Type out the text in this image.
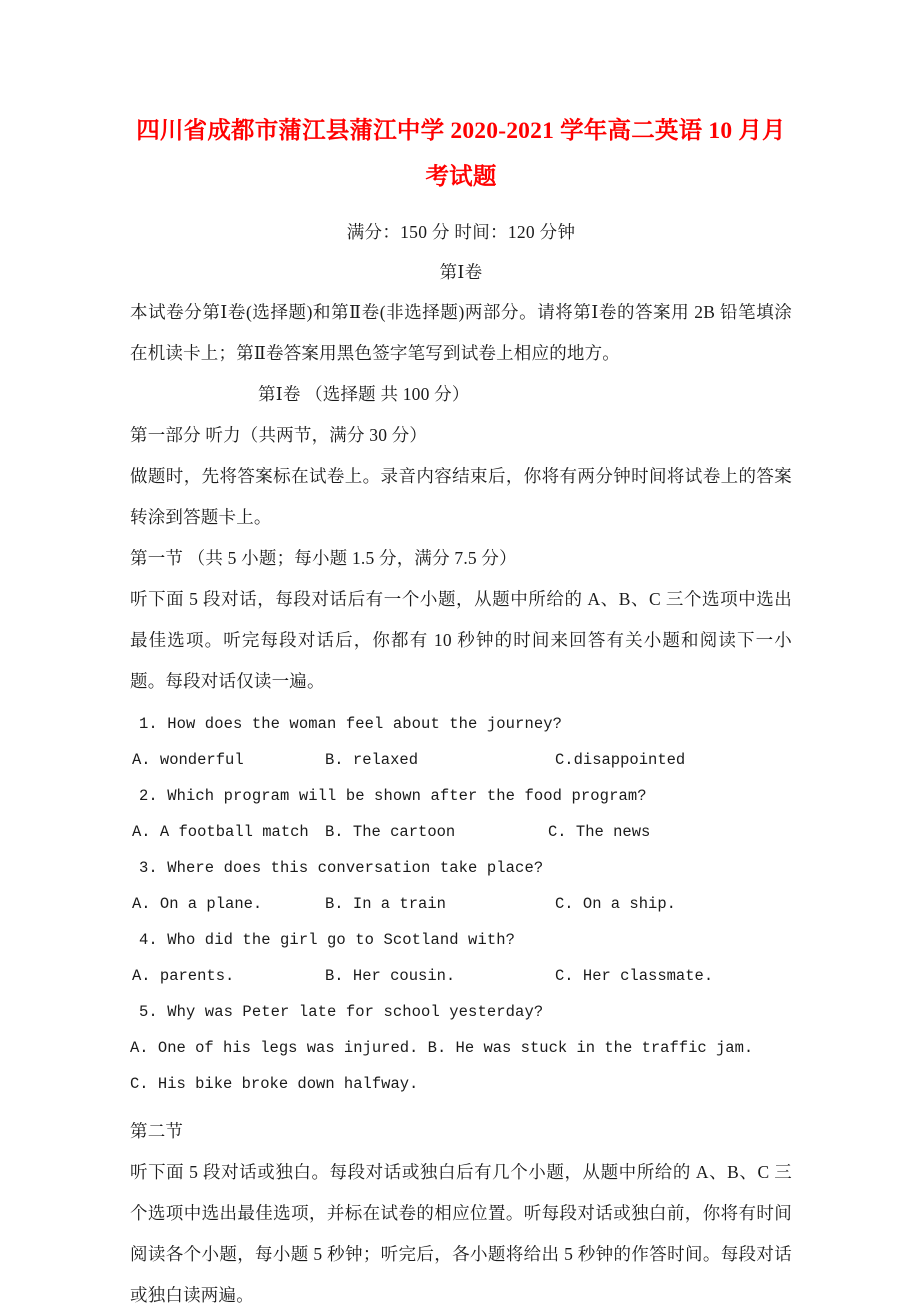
四川省成都市蒲江县蒲江中学 2020-2021 学年高二英语 10 月月考试题

满分：150 分 时间：120 分钟

第Ⅰ卷

本试卷分第Ⅰ卷(选择题)和第Ⅱ卷(非选择题)两部分。请将第Ⅰ卷的答案用 2B 铅笔填涂在机读卡上；第Ⅱ卷答案用黑色签字笔写到试卷上相应的地方。

第Ⅰ卷 （选择题 共 100 分）

第一部分 听力（共两节，满分 30 分）

做题时，先将答案标在试卷上。录音内容结束后，你将有两分钟时间将试卷上的答案转涂到答题卡上。

第一节 （共 5 小题；每小题 1.5 分，满分 7.5 分）

听下面 5 段对话，每段对话后有一个小题，从题中所给的 A、B、C 三个选项中选出最佳选项。听完每段对话后，你都有 10 秒钟的时间来回答有关小题和阅读下一小题。每段对话仅读一遍。

1. How does the woman feel about the journey?

A. wonderful

	B. relaxed

	C.disappointed

2. Which program will be shown after the food program?

A. A football match

B. The cartoon

	C. The news

3. Where does this conversation take place?

A. On a plane.

	B. In a train

	C. On a ship.

4. Who did the girl go to Scotland with?

A. parents.

	B. Her cousin.

	C. Her classmate.

5. Why was Peter late for school yesterday?

A. One of his legs was injured. B. He was stuck in the traffic jam.

C. His bike broke down halfway.

第二节

听下面 5 段对话或独白。每段对话或独白后有几个小题，从题中所给的 A、B、C 三个选项中选出最佳选项，并标在试卷的相应位置。听每段对话或独白前，你将有时间阅读各个小题，每小题 5 秒钟；听完后，各小题将给出 5 秒钟的作答时间。每段对话或独白读两遍。
